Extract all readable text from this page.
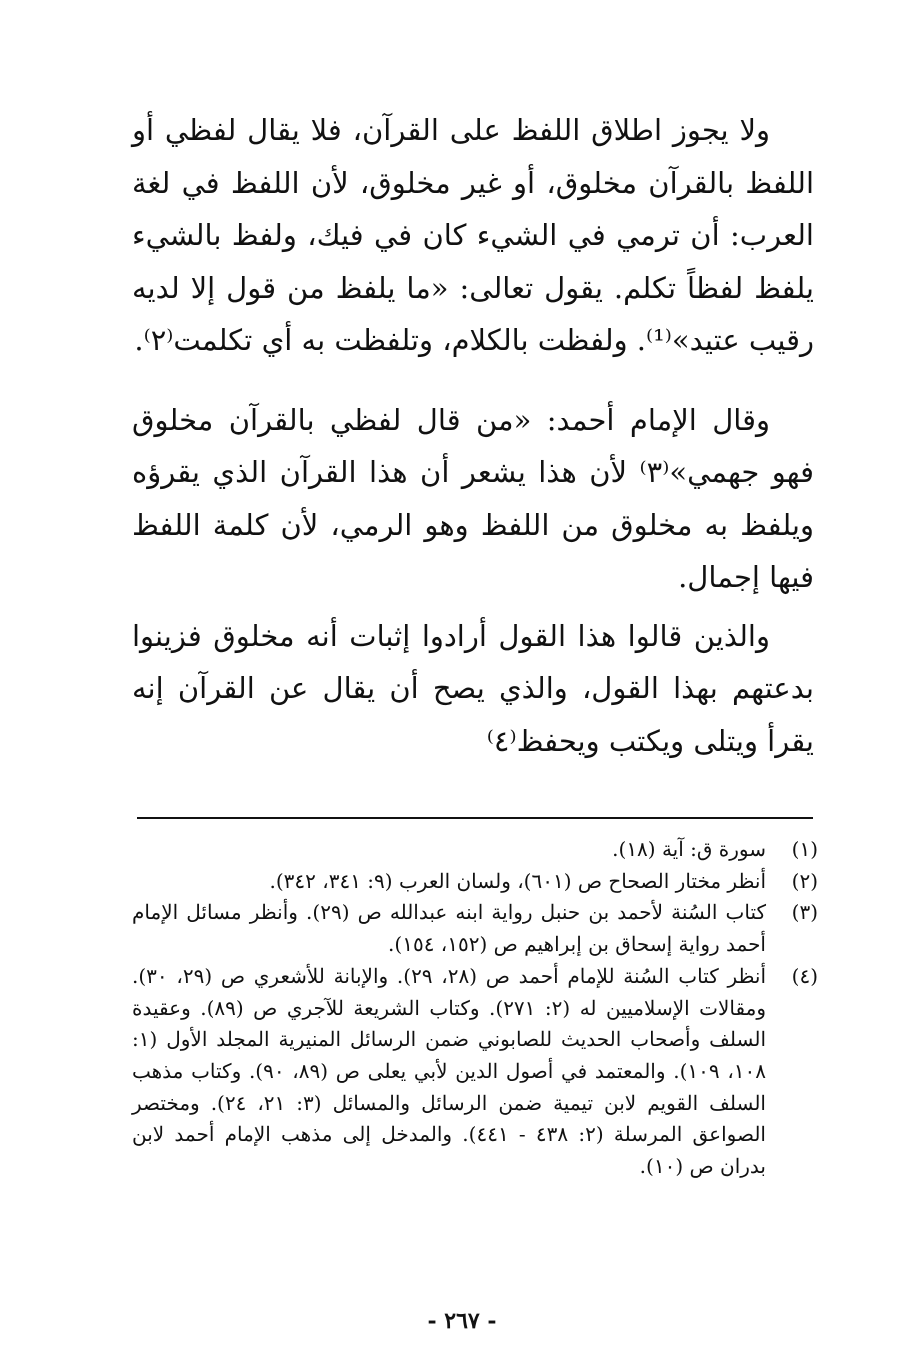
ولا يجوز اطلاق اللفظ على القرآن، فلا يقال لفظي أو اللفظ بالقرآن مخلوق، أو غير مخلوق، لأن اللفظ في لغة العرب: أن ترمي في الشيء كان في فيك، ولفظ بالشيء يلفظ لفظاً تكلم. يقول تعالى: «ما يلفظ من قول إلا لديه رقيب عتيد»⁽¹⁾. ولفظت بالكلام، وتلفظت به أي تكلمت⁽٢⁾.

وقال الإمام أحمد: «من قال لفظي بالقرآن مخلوق فهو جهمي»⁽٣⁾ لأن هذا يشعر أن هذا القرآن الذي يقرؤه ويلفظ به مخلوق من اللفظ وهو الرمي، لأن كلمة اللفظ فيها إجمال.

والذين قالوا هذا القول أرادوا إثبات أنه مخلوق فزينوا بدعتهم بهذا القول، والذي يصح أن يقال عن القرآن إنه يقرأ ويتلى ويكتب ويحفظ⁽٤⁾

(١)
سورة ق: آية (١٨).
(٢)
أنظر مختار الصحاح ص (٦٠١)، ولسان العرب (٩: ٣٤١، ٣٤٢).
(٣)
كتاب السُنة لأحمد بن حنبل رواية ابنه عبدالله ص (٢٩). وأنظر مسائل الإمام أحمد رواية إسحاق بن إبراهيم ص (١٥٢، ١٥٤).
(٤)
أنظر كتاب السُنة للإمام أحمد ص (٢٨، ٢٩). والإبانة للأشعري ص (٢٩، ٣٠). ومقالات الإسلاميين له (٢: ٢٧١). وكتاب الشريعة للآجري ص (٨٩). وعقيدة السلف وأصحاب الحديث للصابوني ضمن الرسائل المنيرية المجلد الأول (١: ١٠٨، ١٠٩). والمعتمد في أصول الدين لأبي يعلى ص (٨٩، ٩٠). وكتاب مذهب السلف القويم لابن تيمية ضمن الرسائل والمسائل (٣: ٢١، ٢٤). ومختصر الصواعق المرسلة (٢: ٤٣٨ - ٤٤١). والمدخل إلى مذهب الإمام أحمد لابن بدران ص (١٠).
- ٢٦٧ -
